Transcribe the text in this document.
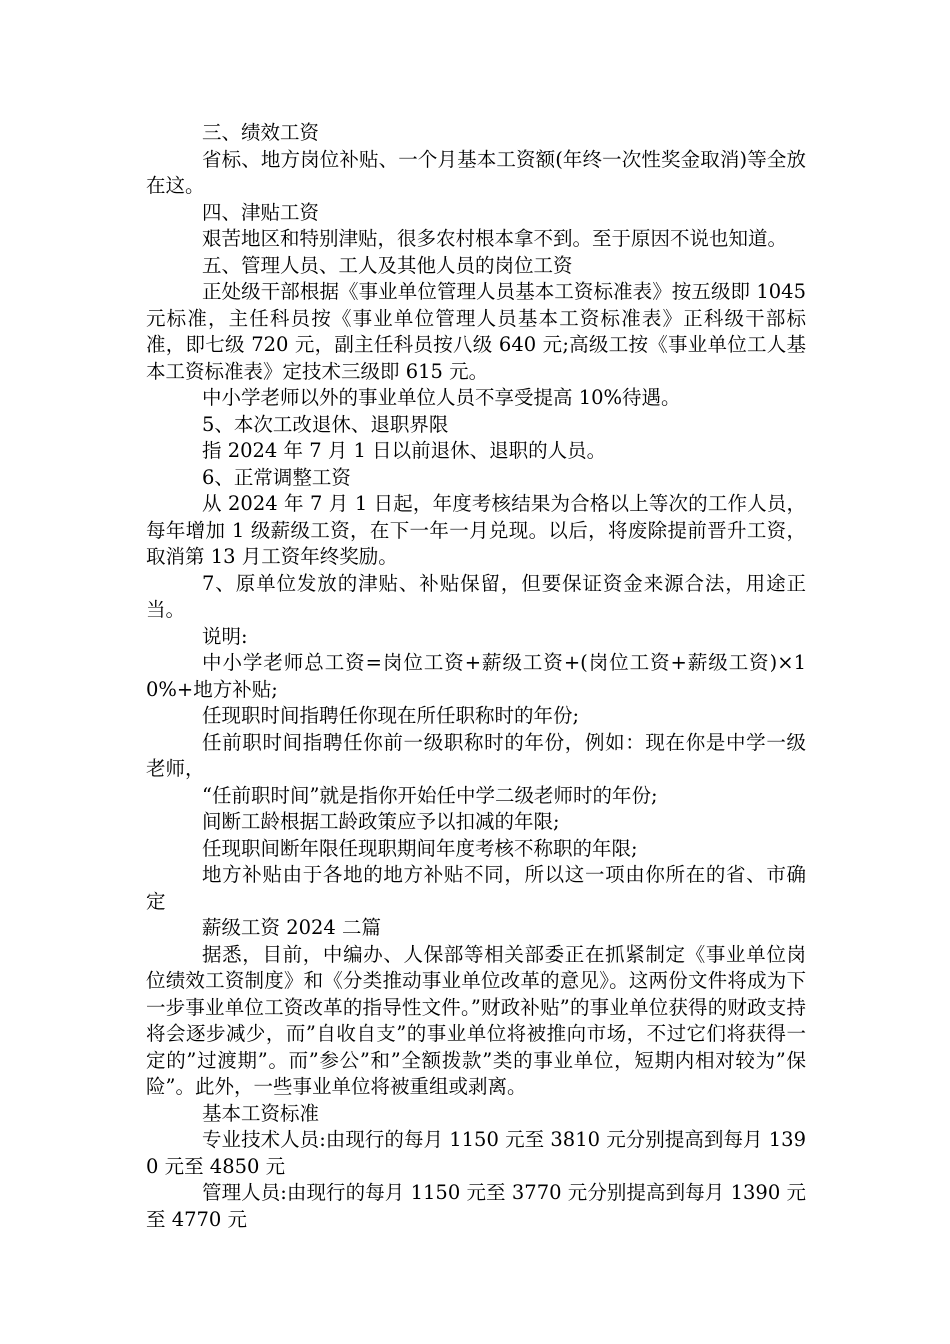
三、绩效工资

省标、地方岗位补贴、一个月基本工资额(年终一次性奖金取消)等全放在这。

四、津贴工资

艰苦地区和特别津贴，很多农村根本拿不到。至于原因不说也知道。

五、管理人员、工人及其他人员的岗位工资

正处级干部根据《事业单位管理人员基本工资标准表》按五级即 1045 元标准，主任科员按《事业单位管理人员基本工资标准表》正科级干部标准，即七级 720 元，副主任科员按八级 640 元;高级工按《事业单位工人基本工资标准表》定技术三级即 615 元。

中小学老师以外的事业单位人员不享受提高 10%待遇。

5、本次工改退休、退职界限

指 2024 年 7 月 1 日以前退休、退职的人员。

6、正常调整工资

从 2024 年 7 月 1 日起，年度考核结果为合格以上等次的工作人员，每年增加 1 级薪级工资，在下一年一月兑现。以后，将废除提前晋升工资，取消第 13 月工资年终奖励。

7、原单位发放的津贴、补贴保留，但要保证资金来源合法，用途正当。

说明:

中小学老师总工资=岗位工资+薪级工资+(岗位工资+薪级工资)×10%+地方补贴;

任现职时间指聘任你现在所任职称时的年份;

任前职时间指聘任你前一级职称时的年份，例如：现在你是中学一级老师，

“任前职时间”就是指你开始任中学二级老师时的年份;

间断工龄根据工龄政策应予以扣减的年限;

任现职间断年限任现职期间年度考核不称职的年限;

地方补贴由于各地的地方补贴不同，所以这一项由你所在的省、市确定

薪级工资 2024 二篇

据悉，目前，中编办、人保部等相关部委正在抓紧制定《事业单位岗位绩效工资制度》和《分类推动事业单位改革的意见》。这两份文件将成为下一步事业单位工资改革的指导性文件。”财政补贴”的事业单位获得的财政支持将会逐步减少，而”自收自支”的事业单位将被推向市场，不过它们将获得一定的”过渡期”。而”参公”和”全额拨款”类的事业单位，短期内相对较为”保险”。此外，一些事业单位将被重组或剥离。

基本工资标准

专业技术人员:由现行的每月 1150 元至 3810 元分别提高到每月 1390 元至 4850 元

管理人员:由现行的每月 1150 元至 3770 元分别提高到每月 1390 元至 4770 元
